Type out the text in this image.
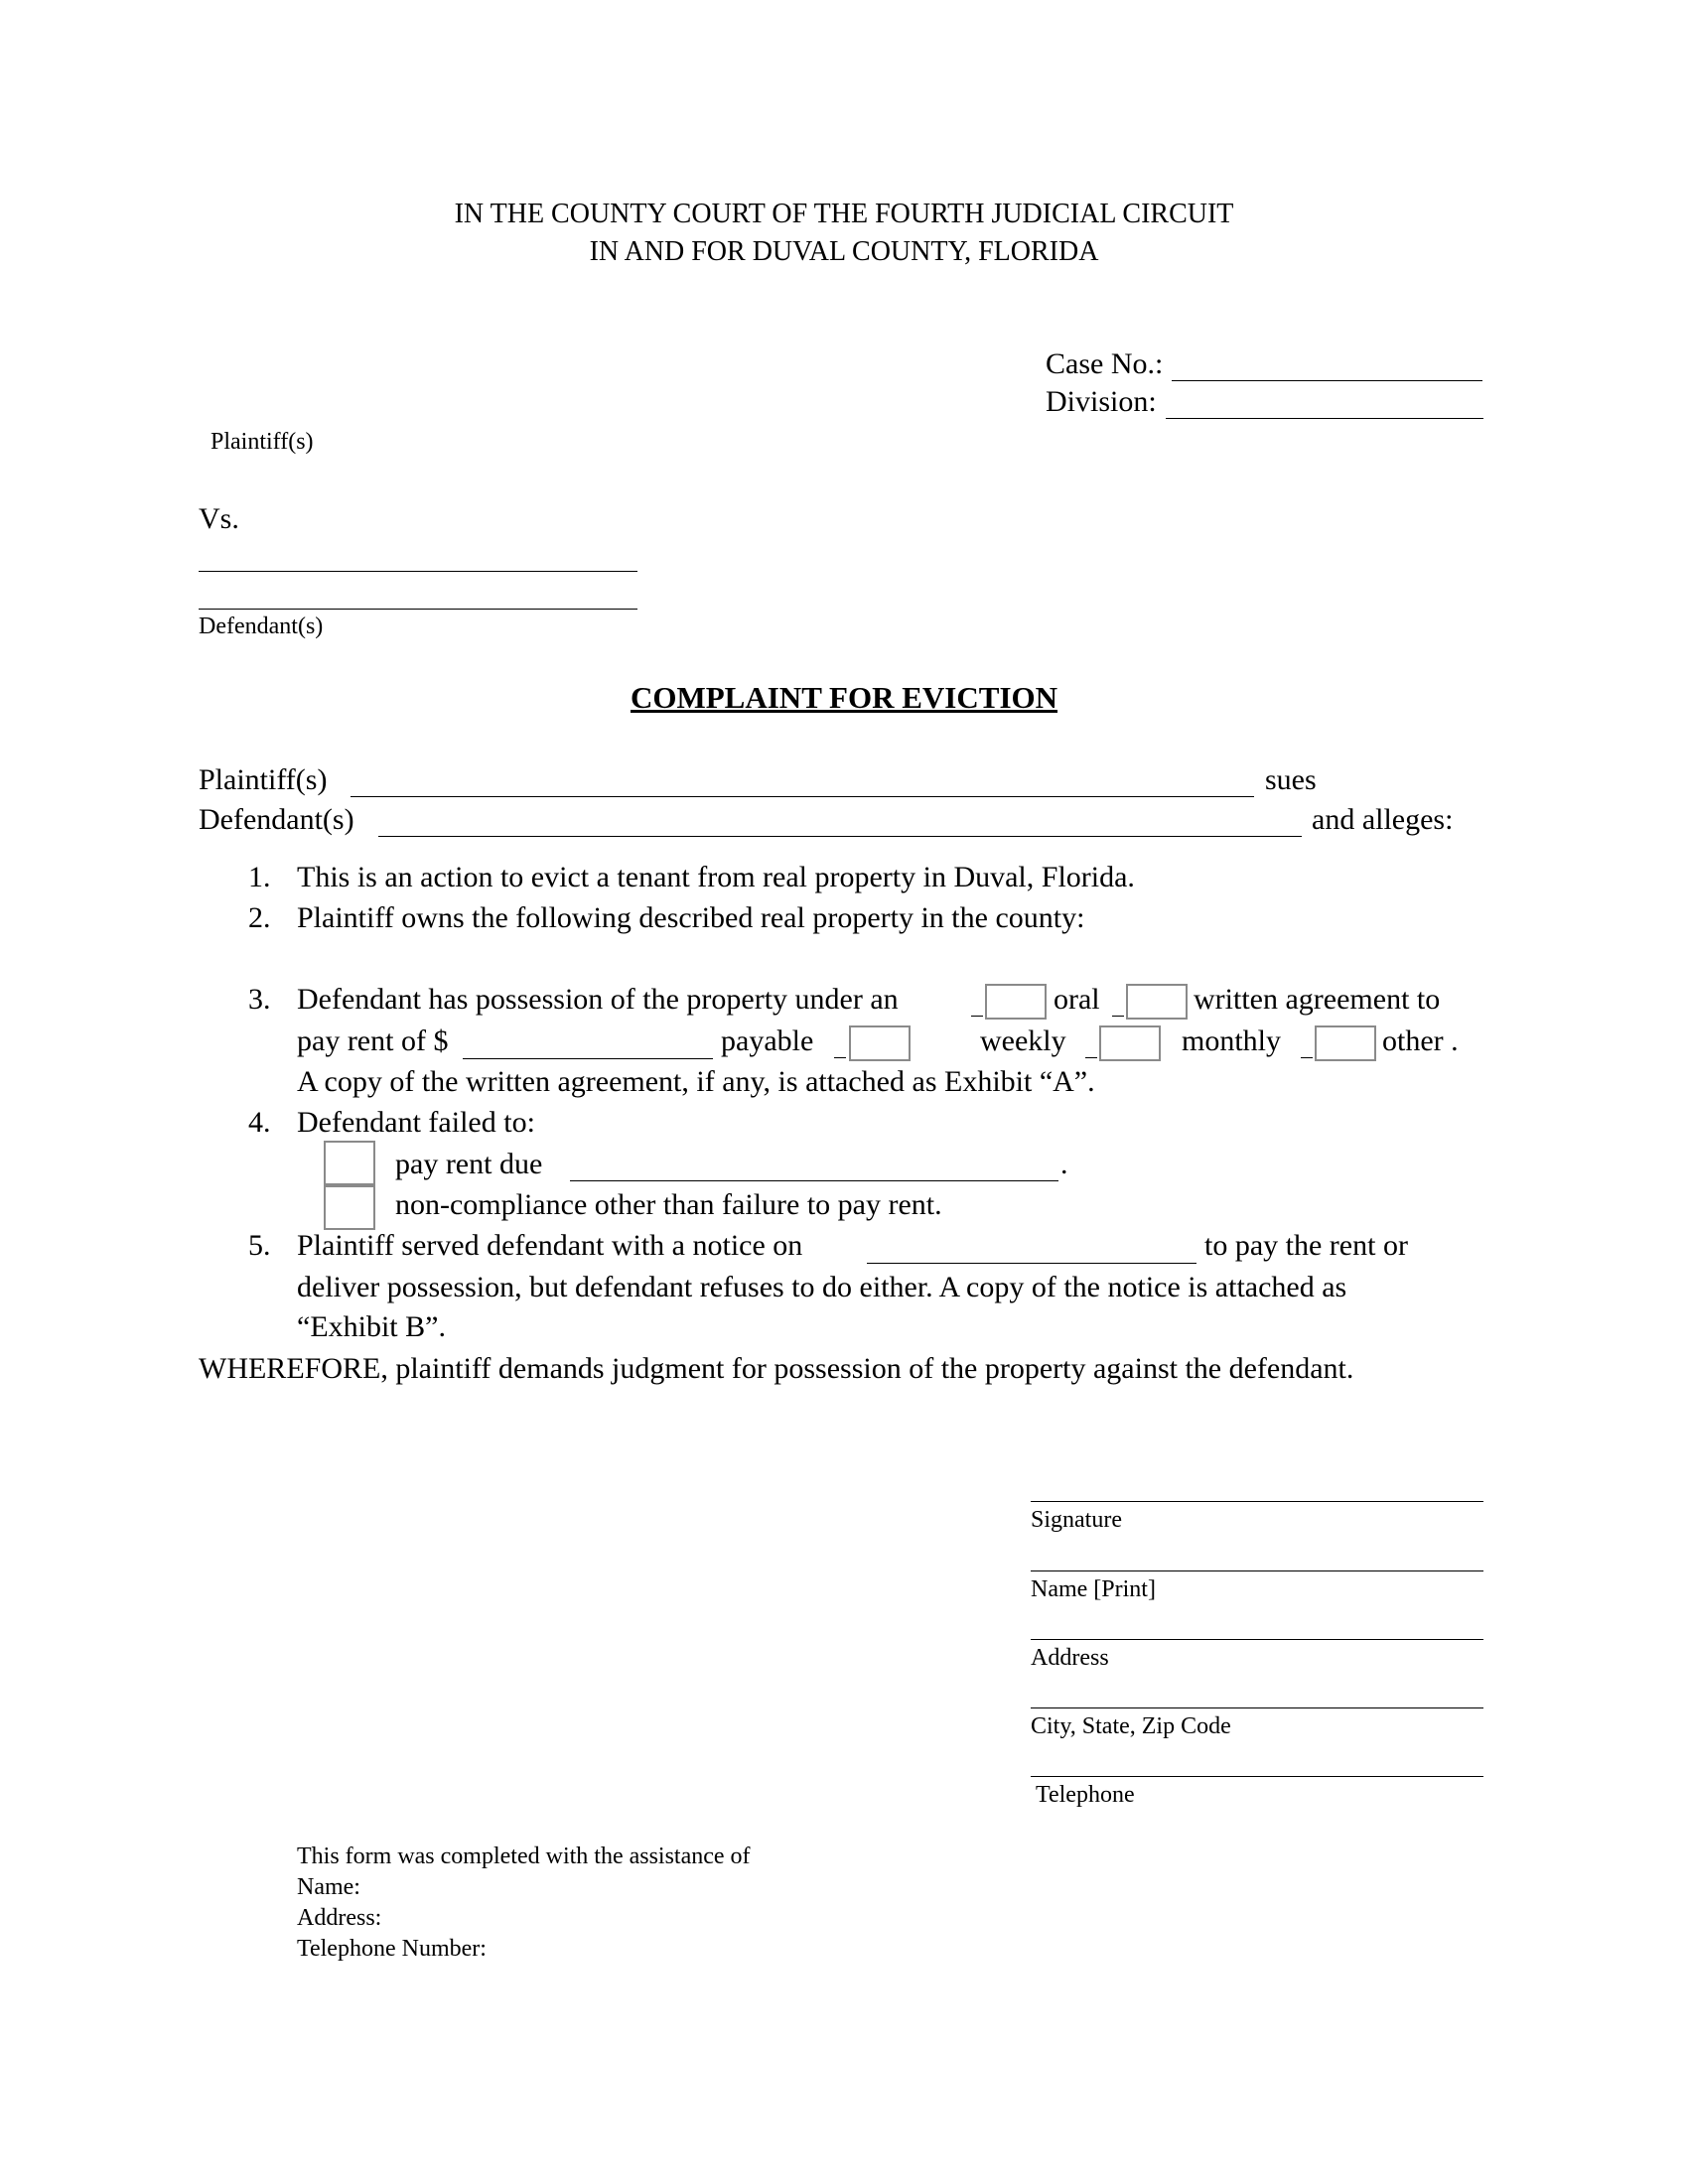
IN THE COUNTY COURT OF THE FOURTH JUDICIAL CIRCUIT
IN AND FOR DUVAL COUNTY, FLORIDA
Case No.:
Division:
Plaintiff(s)
Vs.
Defendant(s)
COMPLAINT FOR EVICTION
Plaintiff(s)	sues
Defendant(s)	and alleges:
1. This is an action to evict a tenant from real property in Duval, Florida.
2. Plaintiff owns the following described real property in the county:
3. Defendant has possession of the property under an	oral	written agreement to
pay rent of $	payable	weekly	monthly	other .
A copy of the written agreement, if any, is attached as Exhibit “A”.
4. Defendant failed to:
pay rent due	.
non-compliance other than failure to pay rent.
5. Plaintiff served defendant with a notice on	to pay the rent or
deliver possession, but defendant refuses to do either. A copy of the notice is attached as
“Exhibit B”.
WHEREFORE, plaintiff demands judgment for possession of the property against the defendant.
Signature
Name [Print]
Address
City, State, Zip Code
Telephone
This form was completed with the assistance of
Name:
Address:
Telephone Number:
